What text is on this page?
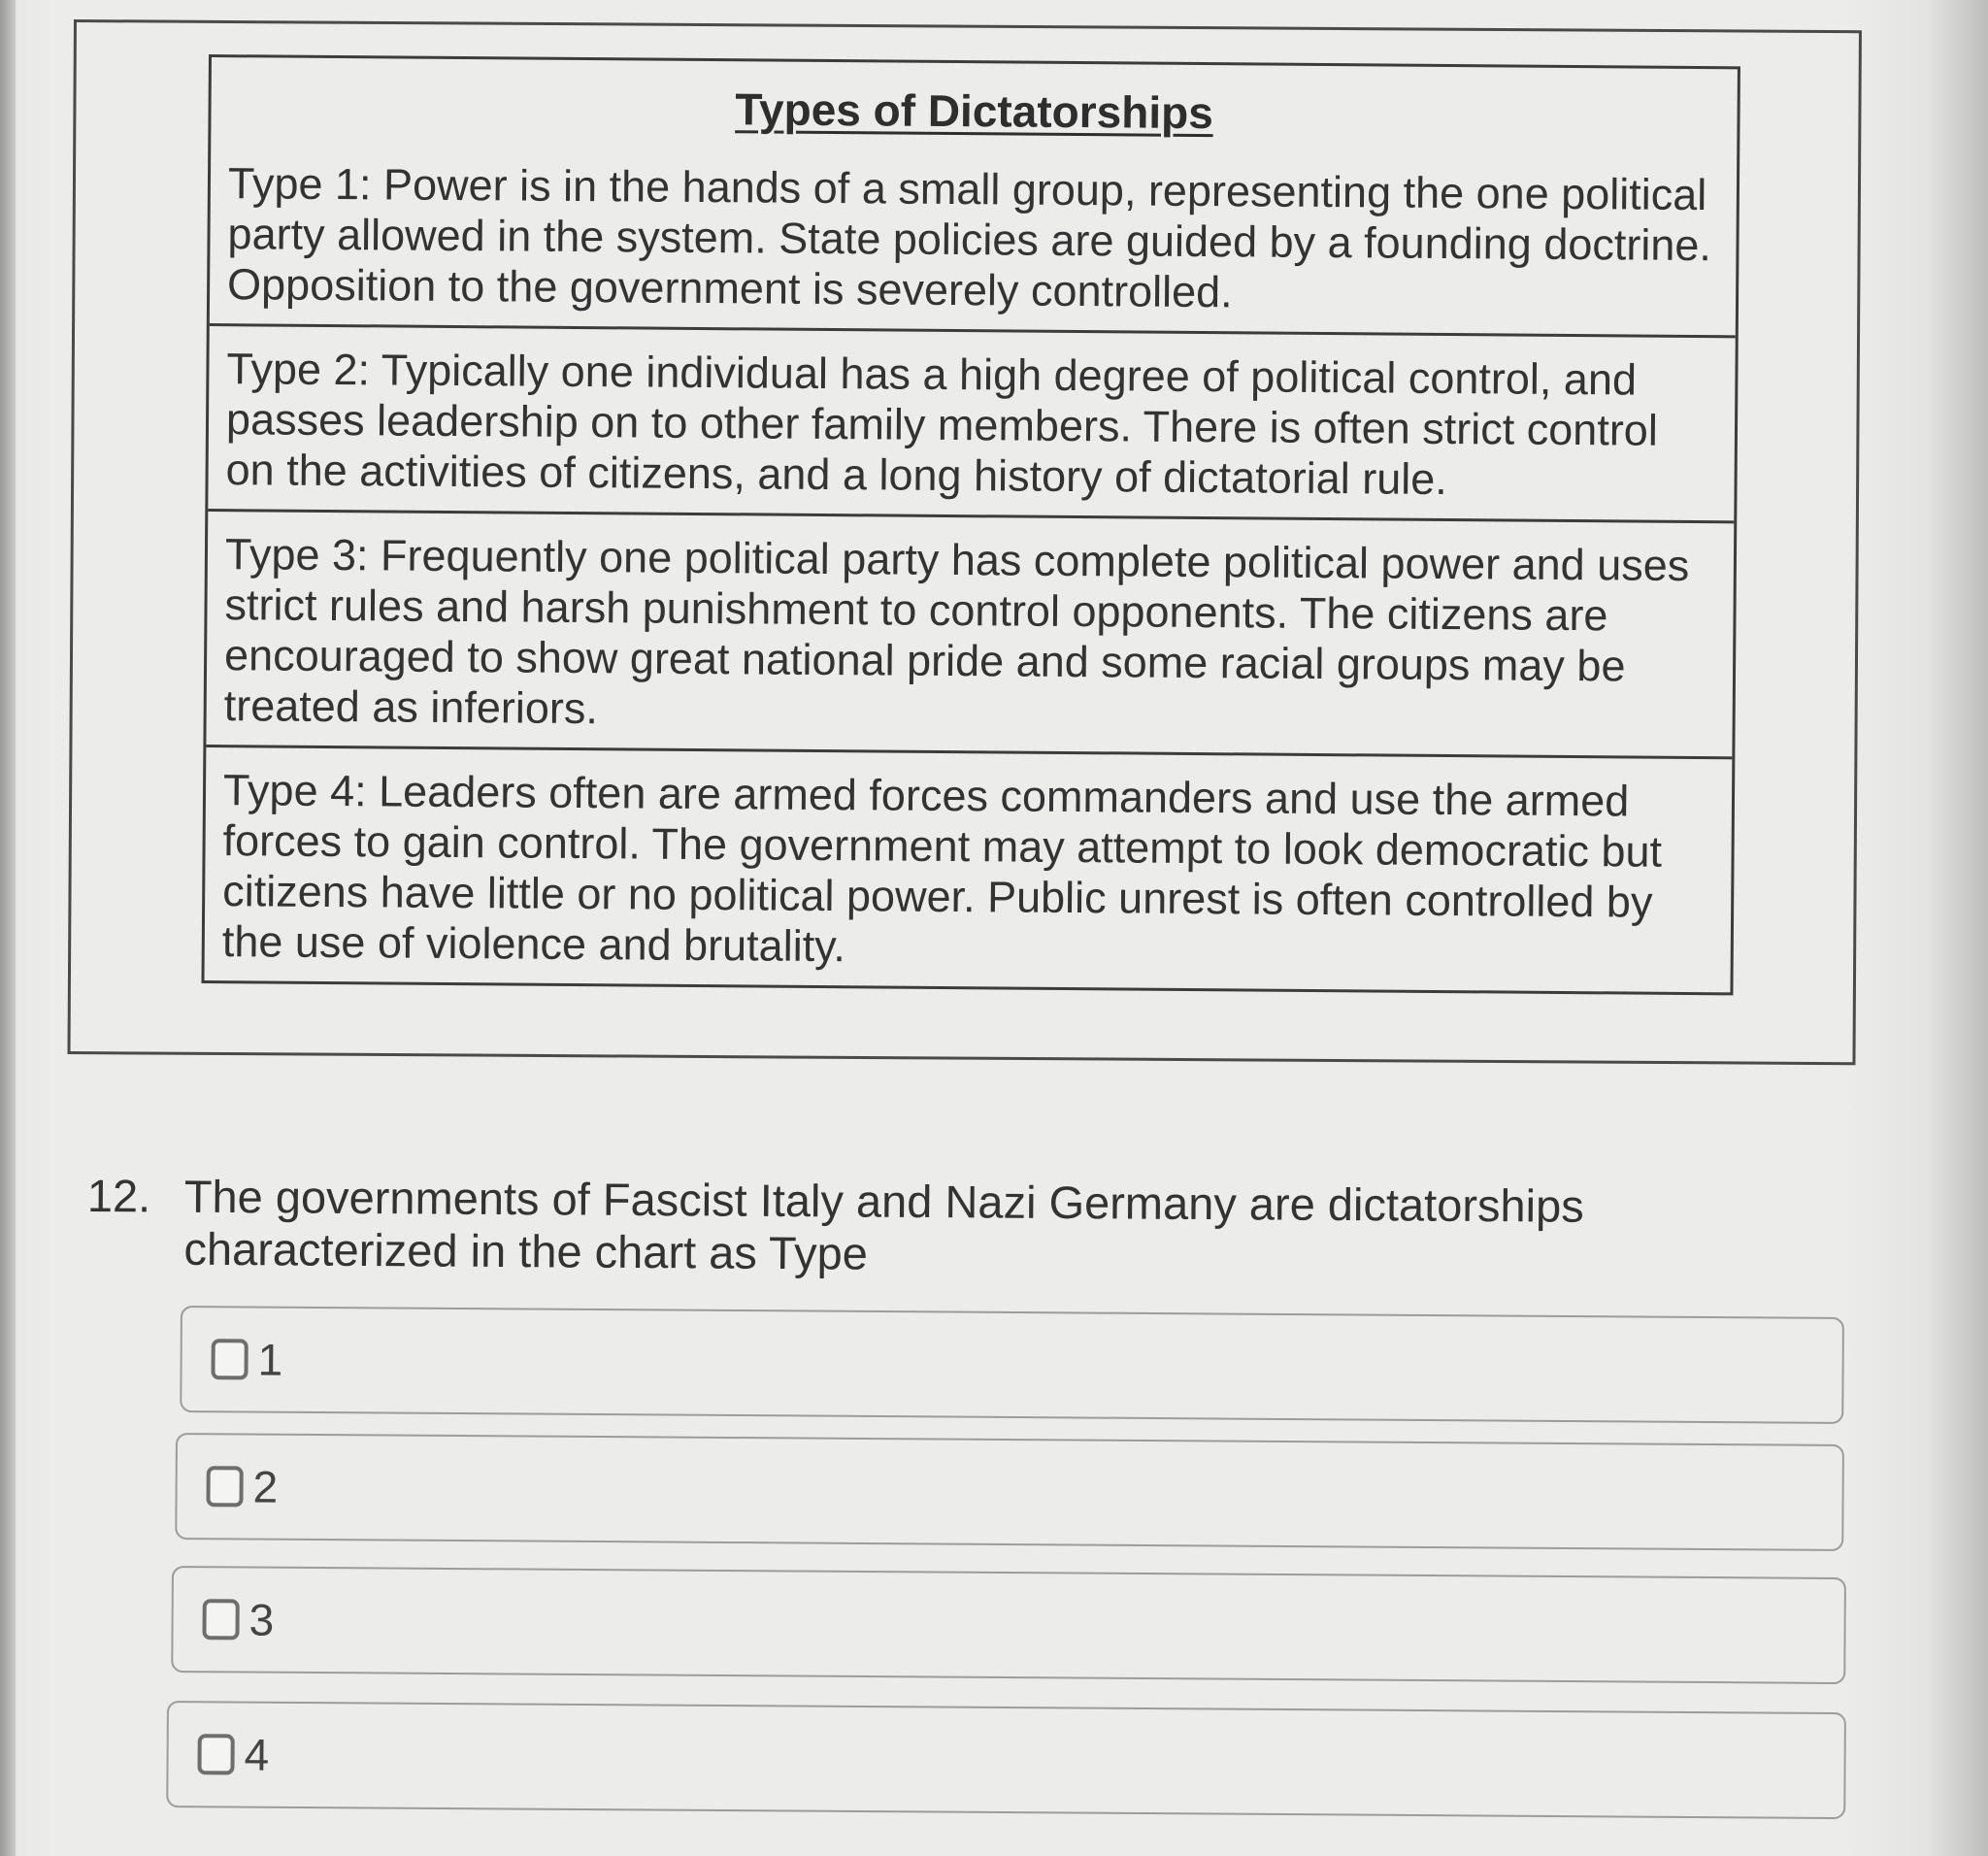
Types of Dictatorships
Type 1: Power is in the hands of a small group, representing the one political party allowed in the system. State policies are guided by a founding doctrine. Opposition to the government is severely controlled.
Type 2: Typically one individual has a high degree of political control, and passes leadership on to other family members. There is often strict control on the activities of citizens, and a long history of dictatorial rule.
Type 3: Frequently one political party has complete political power and uses strict rules and harsh punishment to control opponents. The citizens are encouraged to show great national pride and some racial groups may be treated as inferiors.
Type 4: Leaders often are armed forces commanders and use the armed forces to gain control. The government may attempt to look democratic but citizens have little or no political power. Public unrest is often controlled by the use of violence and brutality.
12. The governments of Fascist Italy and Nazi Germany are dictatorships characterized in the chart as Type
1
2
3
4
